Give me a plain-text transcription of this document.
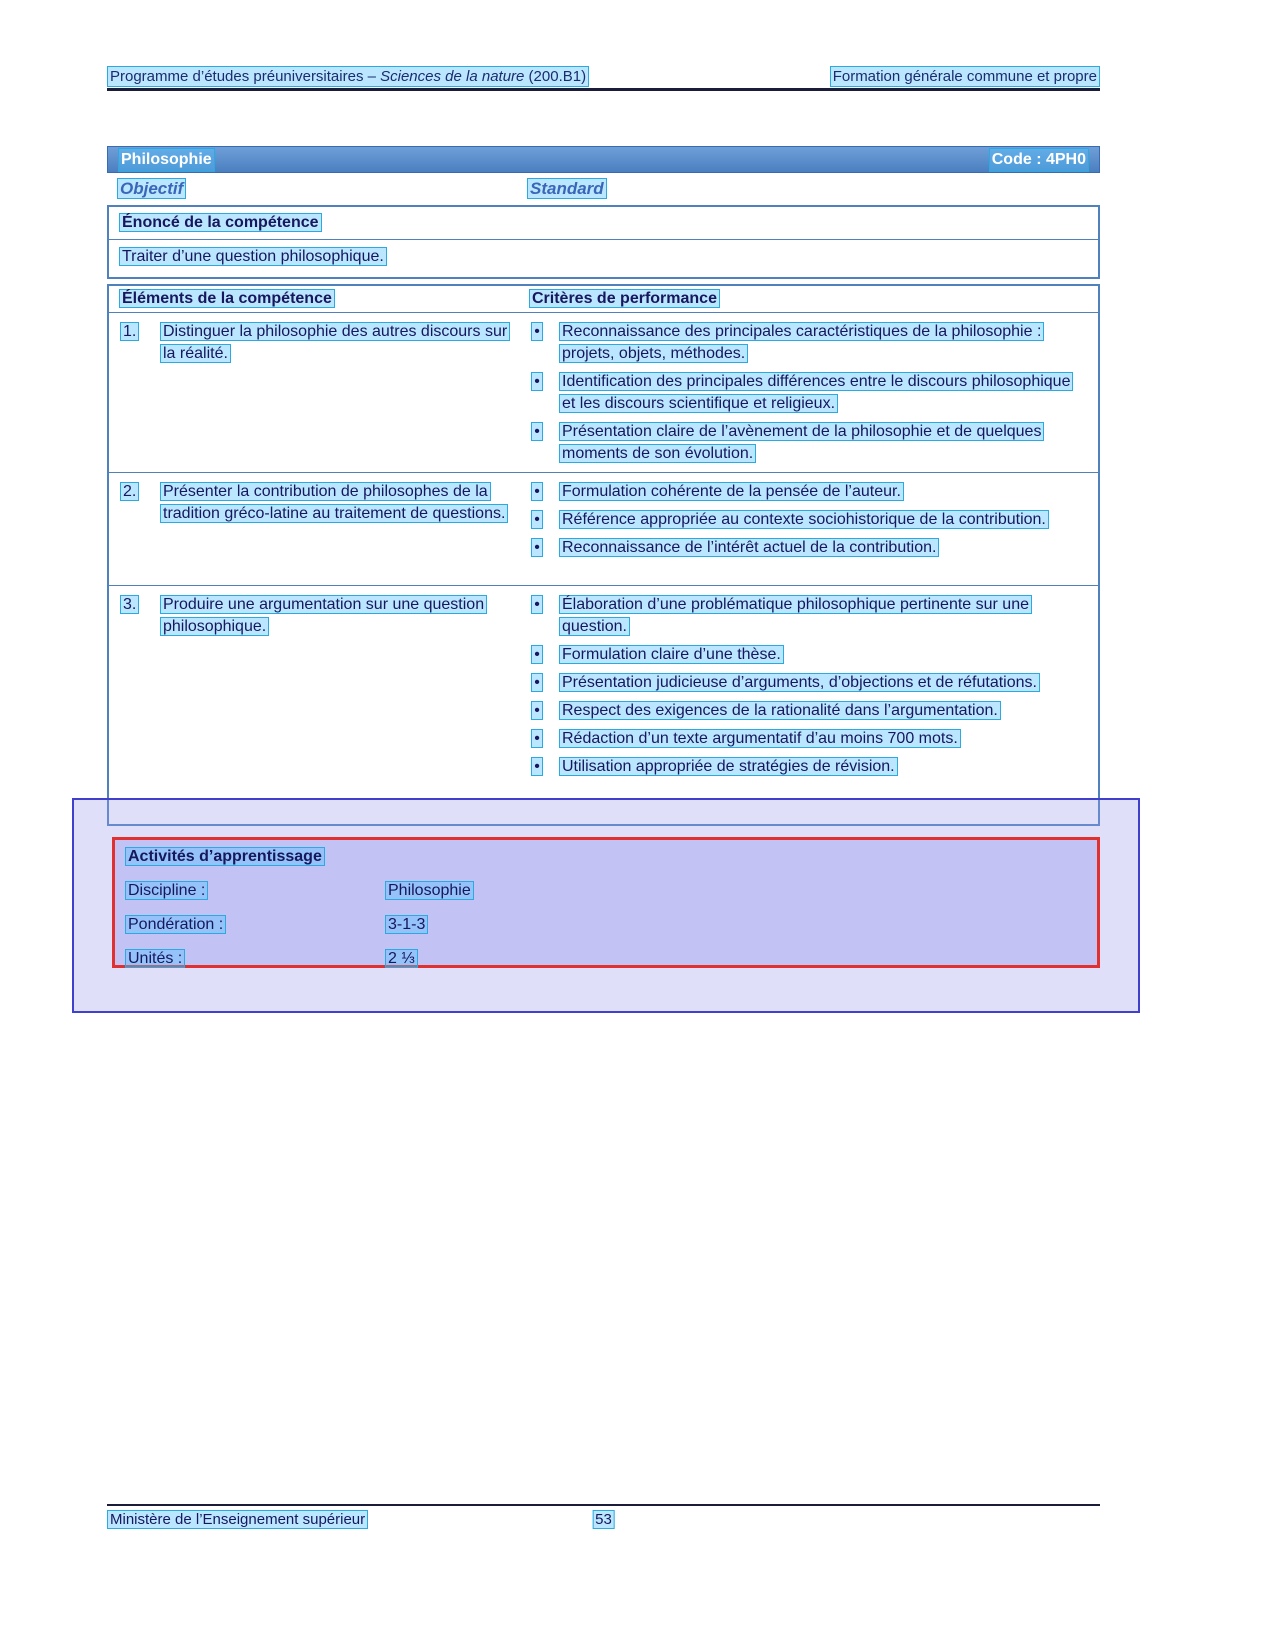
Programme d’études préuniversitaires – Sciences de la nature (200.B1)	Formation générale commune et propre
Philosophie	Code : 4PH0
Objectif	Standard
Énoncé de la compétence
Traiter d’une question philosophique.
Éléments de la compétence	Critères de performance
1.	Distinguer la philosophie des autres discours sur la réalité.
•	Reconnaissance des principales caractéristiques de la philosophie : projets, objets, méthodes.
•	Identification des principales différences entre le discours philosophique et les discours scientifique et religieux.
•	Présentation claire de l’avènement de la philosophie et de quelques moments de son évolution.
2.	Présenter la contribution de philosophes de la tradition gréco-latine au traitement de questions.
•	Formulation cohérente de la pensée de l’auteur.
•	Référence appropriée au contexte sociohistorique de la contribution.
•	Reconnaissance de l’intérêt actuel de la contribution.
3.	Produire une argumentation sur une question philosophique.
•	Élaboration d’une problématique philosophique pertinente sur une question.
•	Formulation claire d’une thèse.
•	Présentation judicieuse d’arguments, d’objections et de réfutations.
•	Respect des exigences de la rationalité dans l’argumentation.
•	Rédaction d’un texte argumentatif d’au moins 700 mots.
•	Utilisation appropriée de stratégies de révision.
Activités d’apprentissage
Discipline :	Philosophie
Pondération :	3-1-3
Unités :	2 ⅓
Ministère de l’Enseignement supérieur	53
